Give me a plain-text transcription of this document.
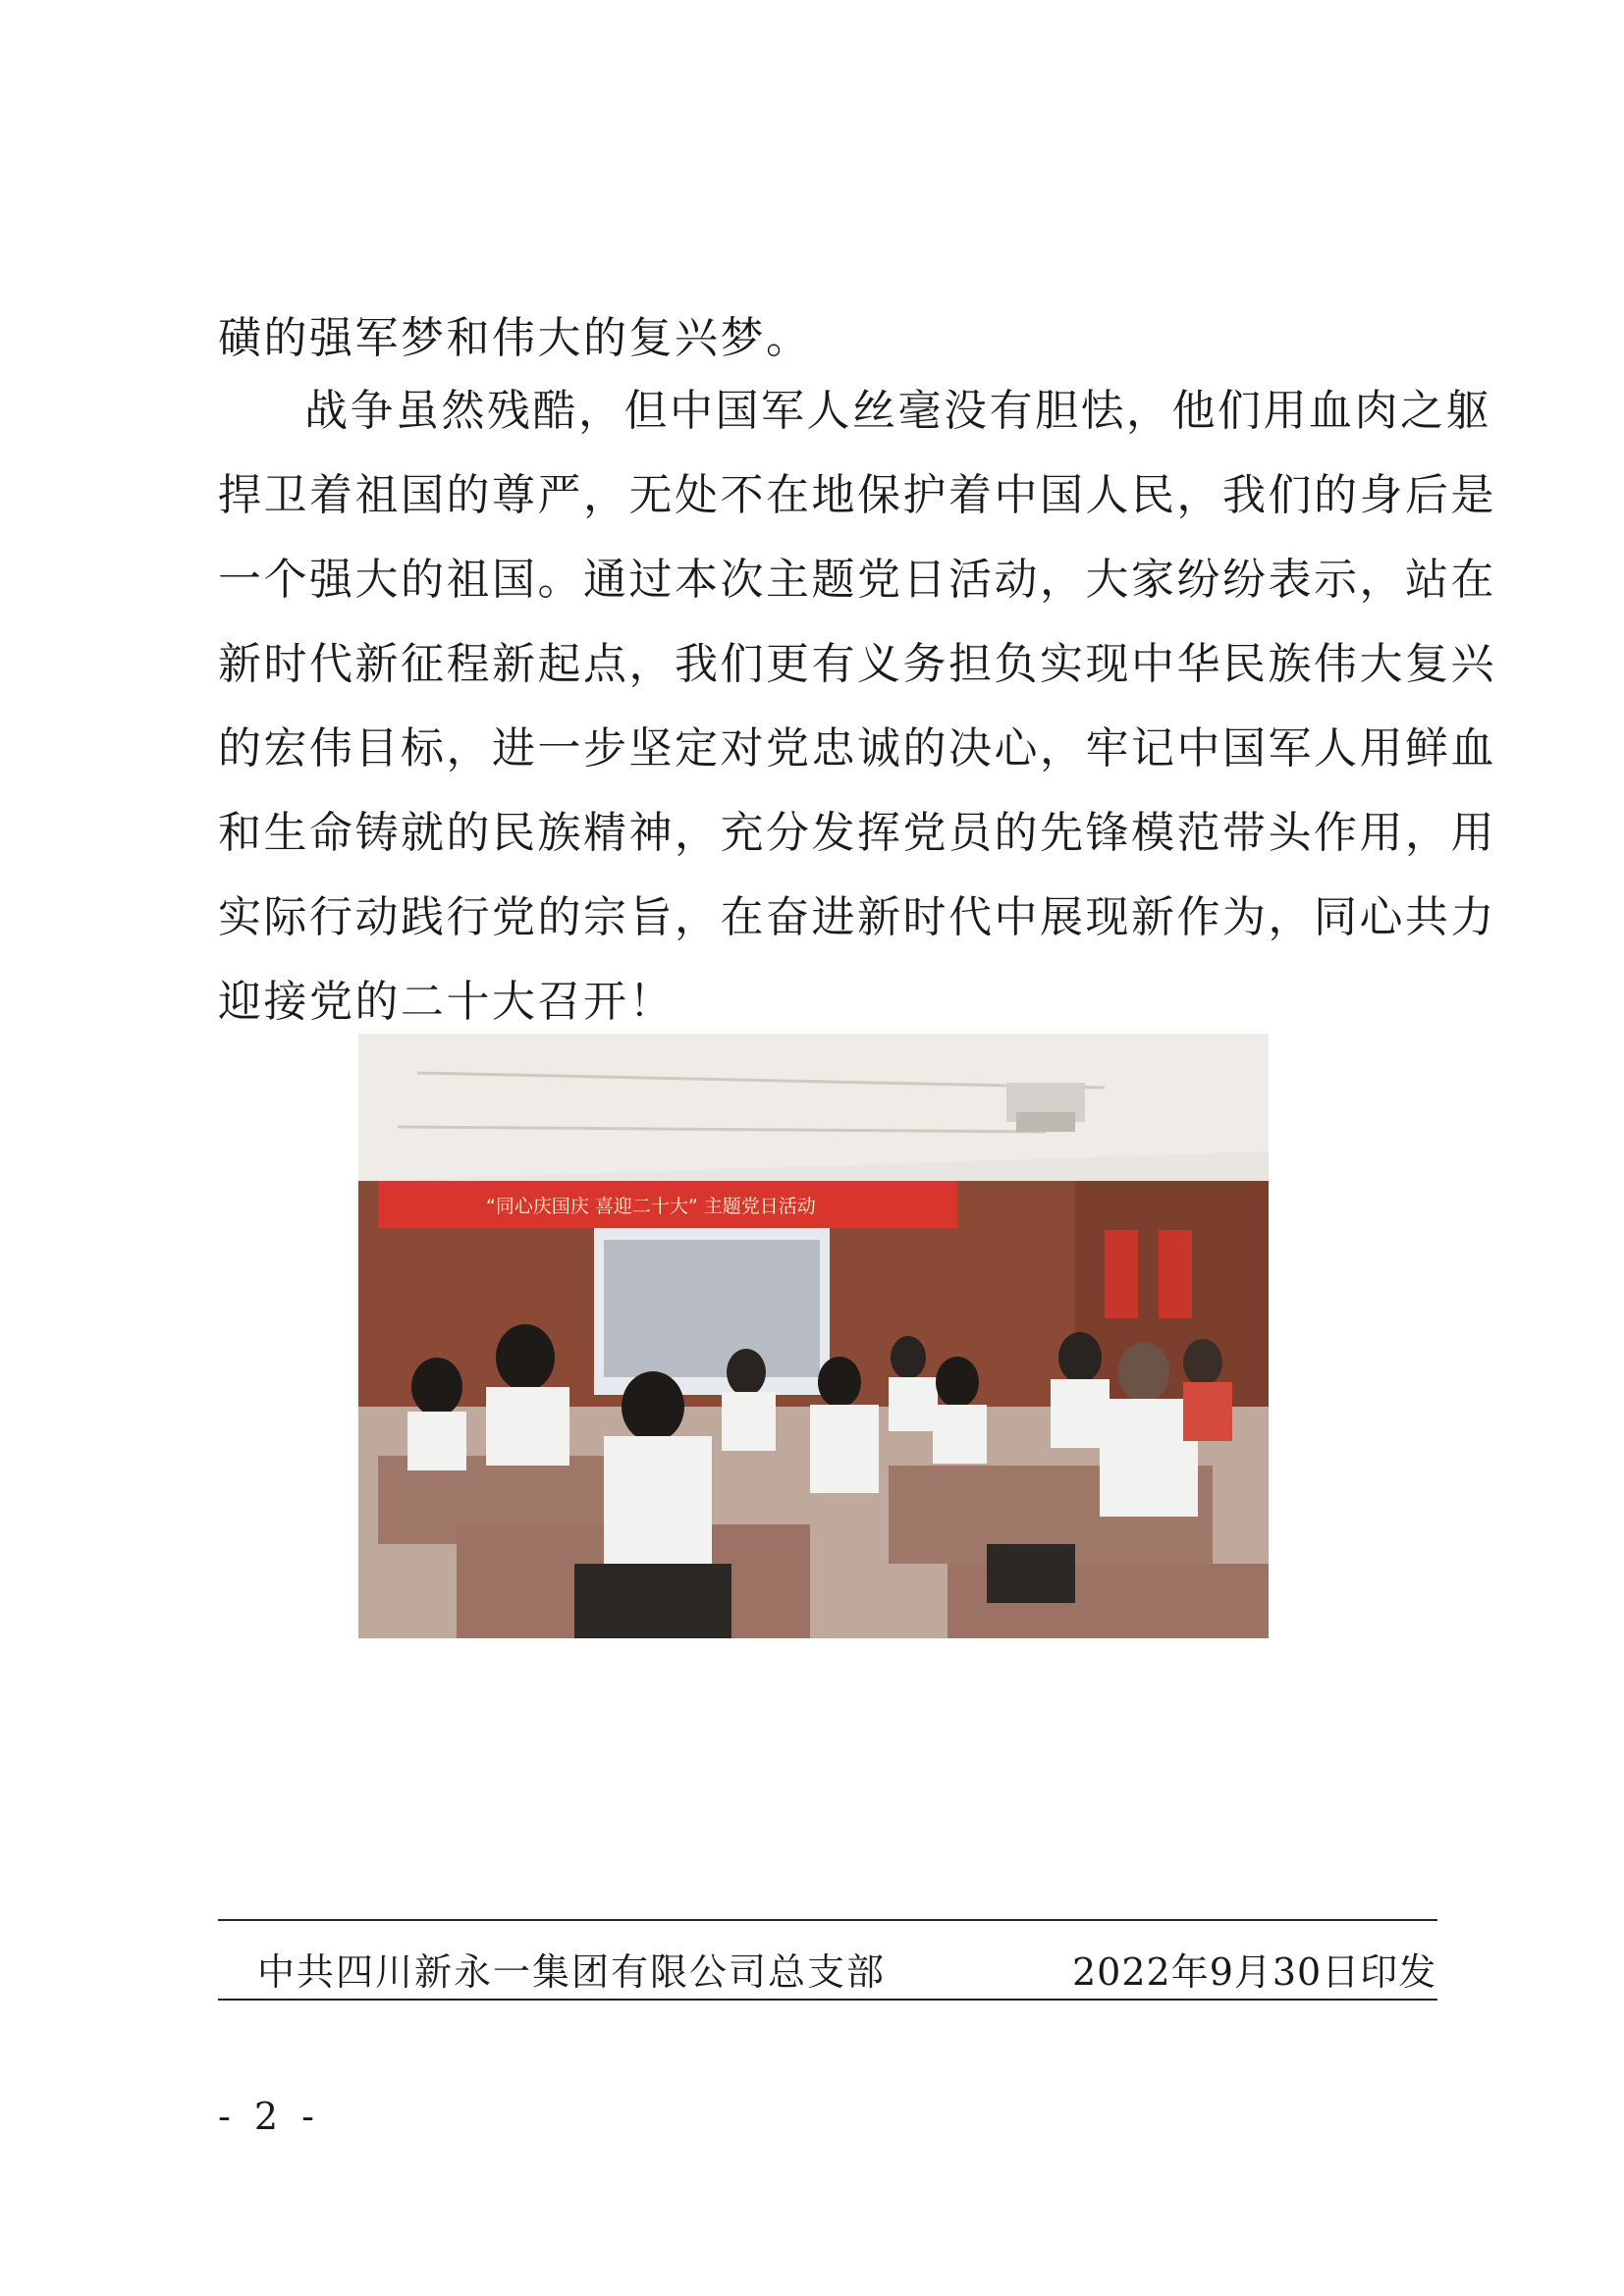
磺的强军梦和伟大的复兴梦。

战争虽然残酷，但中国军人丝毫没有胆怯，他们用血肉之躯

捍卫着祖国的尊严，无处不在地保护着中国人民，我们的身后是

一个强大的祖国。通过本次主题党日活动，大家纷纷表示，站在

新时代新征程新起点，我们更有义务担负实现中华民族伟大复兴

的宏伟目标，进一步坚定对党忠诚的决心，牢记中国军人用鲜血

和生命铸就的民族精神，充分发挥党员的先锋模范带头作用，用

实际行动践行党的宗旨，在奋进新时代中展现新作为，同心共力

迎接党的二十大召开！

“同心庆国庆 喜迎二十大” 主题党日活动
中共四川新永一集团有限公司总支部	2022年9月30日印发
- 2 -
